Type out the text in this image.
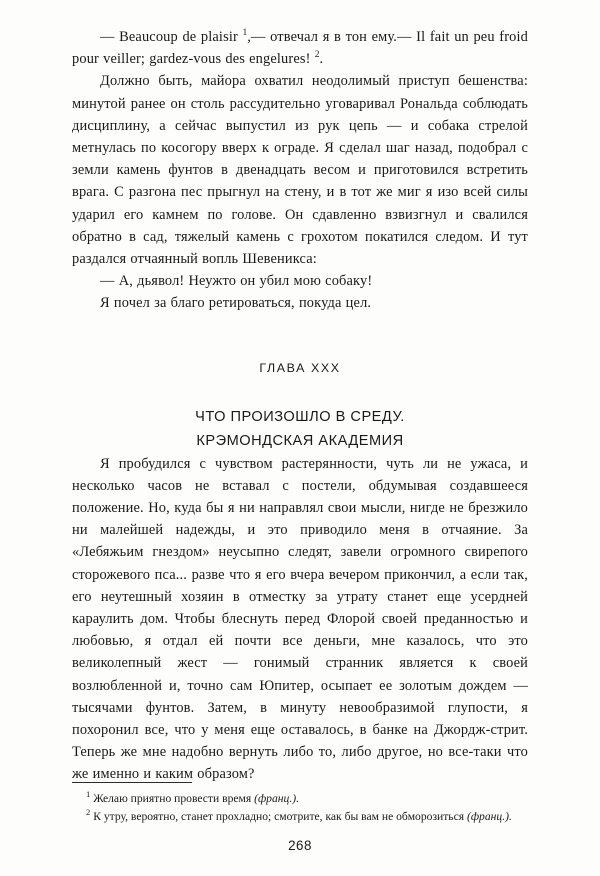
— Beaucoup de plaisir $^1$,— отвечал я в тон ему.— Il fait un peu froid pour veiller; gardez-vous des engelures! $^2$.

Должно быть, майора охватил неодолимый приступ бешенства: минутой ранее он столь рассудительно уговаривал Рональда соблюдать дисциплину, а сейчас выпустил из рук цепь — и собака стрелой метнулась по косогору вверх к ограде. Я сделал шаг назад, подобрал с земли камень фунтов в двенадцать весом и приготовился встретить врага. С разгона пес прыгнул на стену, и в тот же миг я изо всей силы ударил его камнем по голове. Он сдавленно взвизгнул и свалился обратно в сад, тяжелый камень с грохотом покатился следом. И тут раздался отчаянный вопль Шевеникса:

— А, дьявол! Неужто он убил мою собаку!

Я почел за благо ретироваться, покуда цел.

ГЛАВА XXX
ЧТО ПРОИЗОШЛО В СРЕДУ.
КРЭМОНДСКАЯ АКАДЕМИЯ

Я пробудился с чувством растерянности, чуть ли не ужаса, и несколько часов не вставал с постели, обдумывая создавшееся положение. Но, куда бы я ни направлял свои мысли, нигде не брезжило ни малейшей надежды, и это приводило меня в отчаяние. За «Лебяжьим гнездом» неусыпно следят, завели огромного свирепого сторожевого пса... разве что я его вчера вечером прикончил, а если так, его неутешный хозяин в отместку за утрату станет еще усердней караулить дом. Чтобы блеснуть перед Флорой своей преданностью и любовью, я отдал ей почти все деньги, мне казалось, что это великолепный жест — гонимый странник является к своей возлюбленной и, точно сам Юпитер, осыпает ее золотым дождем — тысячами фунтов. Затем, в минуту невообразимой глупости, я похоронил все, что у меня еще оставалось, в банке на Джордж-стрит. Теперь же мне надобно вернуть либо то, либо другое, но все-таки что же именно и каким образом?

$^1$ Желаю приятно провести время (франц.).

$^2$ К утру, вероятно, станет прохладно; смотрите, как бы вам не обморозиться (франц.).

268
